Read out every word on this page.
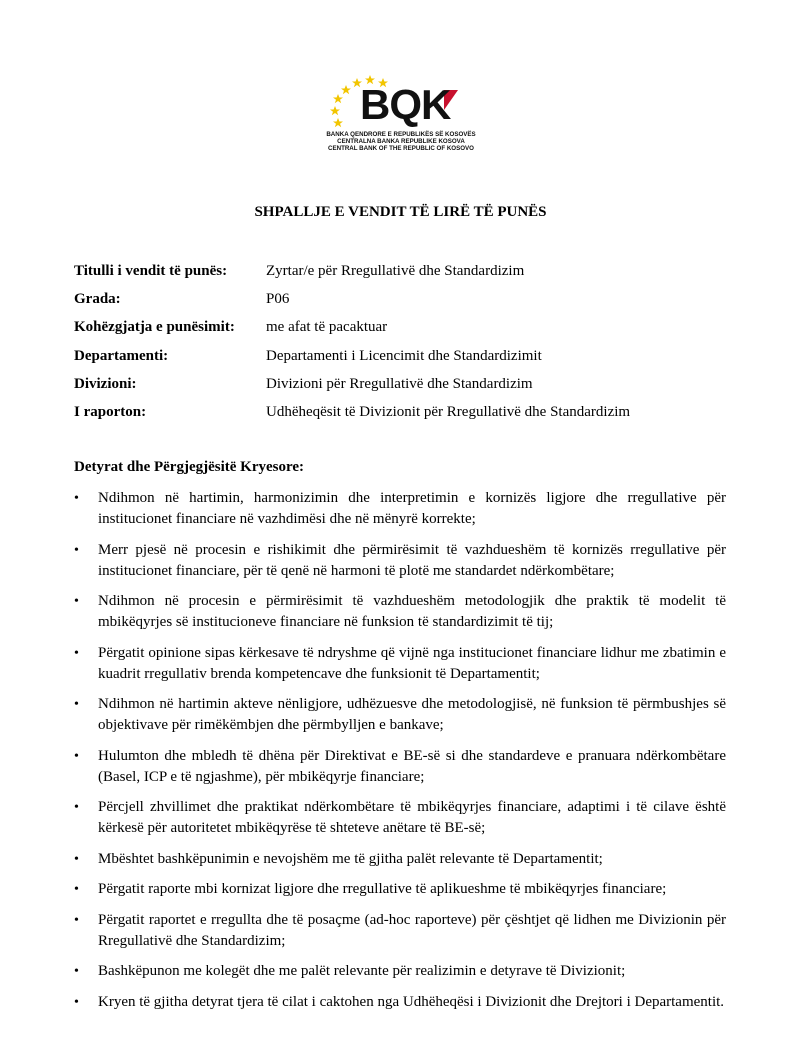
BQK
BANKA QENDRORE E REPUBLIKËS SË KOSOVËS
CENTRALNA BANKA REPUBLIKE KOSOVA
CENTRAL BANK OF THE REPUBLIC OF KOSOVO
SHPALLJE E VENDIT TË LIRË TË PUNËS
Titulli i vendit të punës:	Zyrtar/e për Rregullativë dhe Standardizim
Grada:	P06
Kohëzgjatja e punësimit:	me afat të pacaktuar
Departamenti:	Departamenti i Licencimit dhe Standardizimit
Divizioni:	Divizioni për Rregullativë dhe Standardizim
I raporton:	Udhëheqësit të Divizionit për Rregullativë dhe Standardizim
Detyrat dhe Përgjegjësitë Kryesore:
•	Ndihmon në hartimin, harmonizimin dhe interpretimin e kornizës ligjore dhe rregullative për institucionet financiare në vazhdimësi dhe në mënyrë korrekte;
•	Merr pjesë në procesin e rishikimit dhe përmirësimit të vazhdueshëm të kornizës rregullative për institucionet financiare, për të qenë në harmoni të plotë me standardet ndërkombëtare;
•	Ndihmon në procesin e përmirësimit të vazhdueshëm metodologjik dhe praktik të modelit të mbikëqyrjes së institucioneve financiare në funksion të standardizimit të tij;
•	Përgatit opinione sipas kërkesave të ndryshme që vijnë nga institucionet financiare lidhur me zbatimin e kuadrit rregullativ brenda kompetencave dhe funksionit të Departamentit;
•	Ndihmon në hartimin akteve nënligjore, udhëzuesve dhe metodologjisë, në funksion të përmbushjes së objektivave për rimëkëmbjen dhe përmbylljen e bankave;
•	Hulumton dhe mbledh të dhëna për Direktivat e BE-së si dhe standardeve e pranuara ndërkombëtare (Basel, ICP e të ngjashme), për mbikëqyrje financiare;
•	Përcjell zhvillimet dhe praktikat ndërkombëtare të mbikëqyrjes financiare, adaptimi i të cilave është kërkesë për autoritetet mbikëqyrëse të shteteve anëtare të BE-së;
•	Mbështet bashkëpunimin e nevojshëm me të gjitha palët relevante të Departamentit;
•	Përgatit raporte mbi kornizat ligjore dhe rregullative të aplikueshme të mbikëqyrjes financiare;
•	Përgatit raportet e rregullta dhe të posaçme (ad-hoc raporteve) për çështjet që lidhen me Divizionin për Rregullativë dhe Standardizim;
•	Bashkëpunon me kolegët dhe me palët relevante për realizimin e detyrave të Divizionit;
•	Kryen të gjitha detyrat tjera të cilat i caktohen nga Udhëheqësi i Divizionit dhe Drejtori i Departamentit.
